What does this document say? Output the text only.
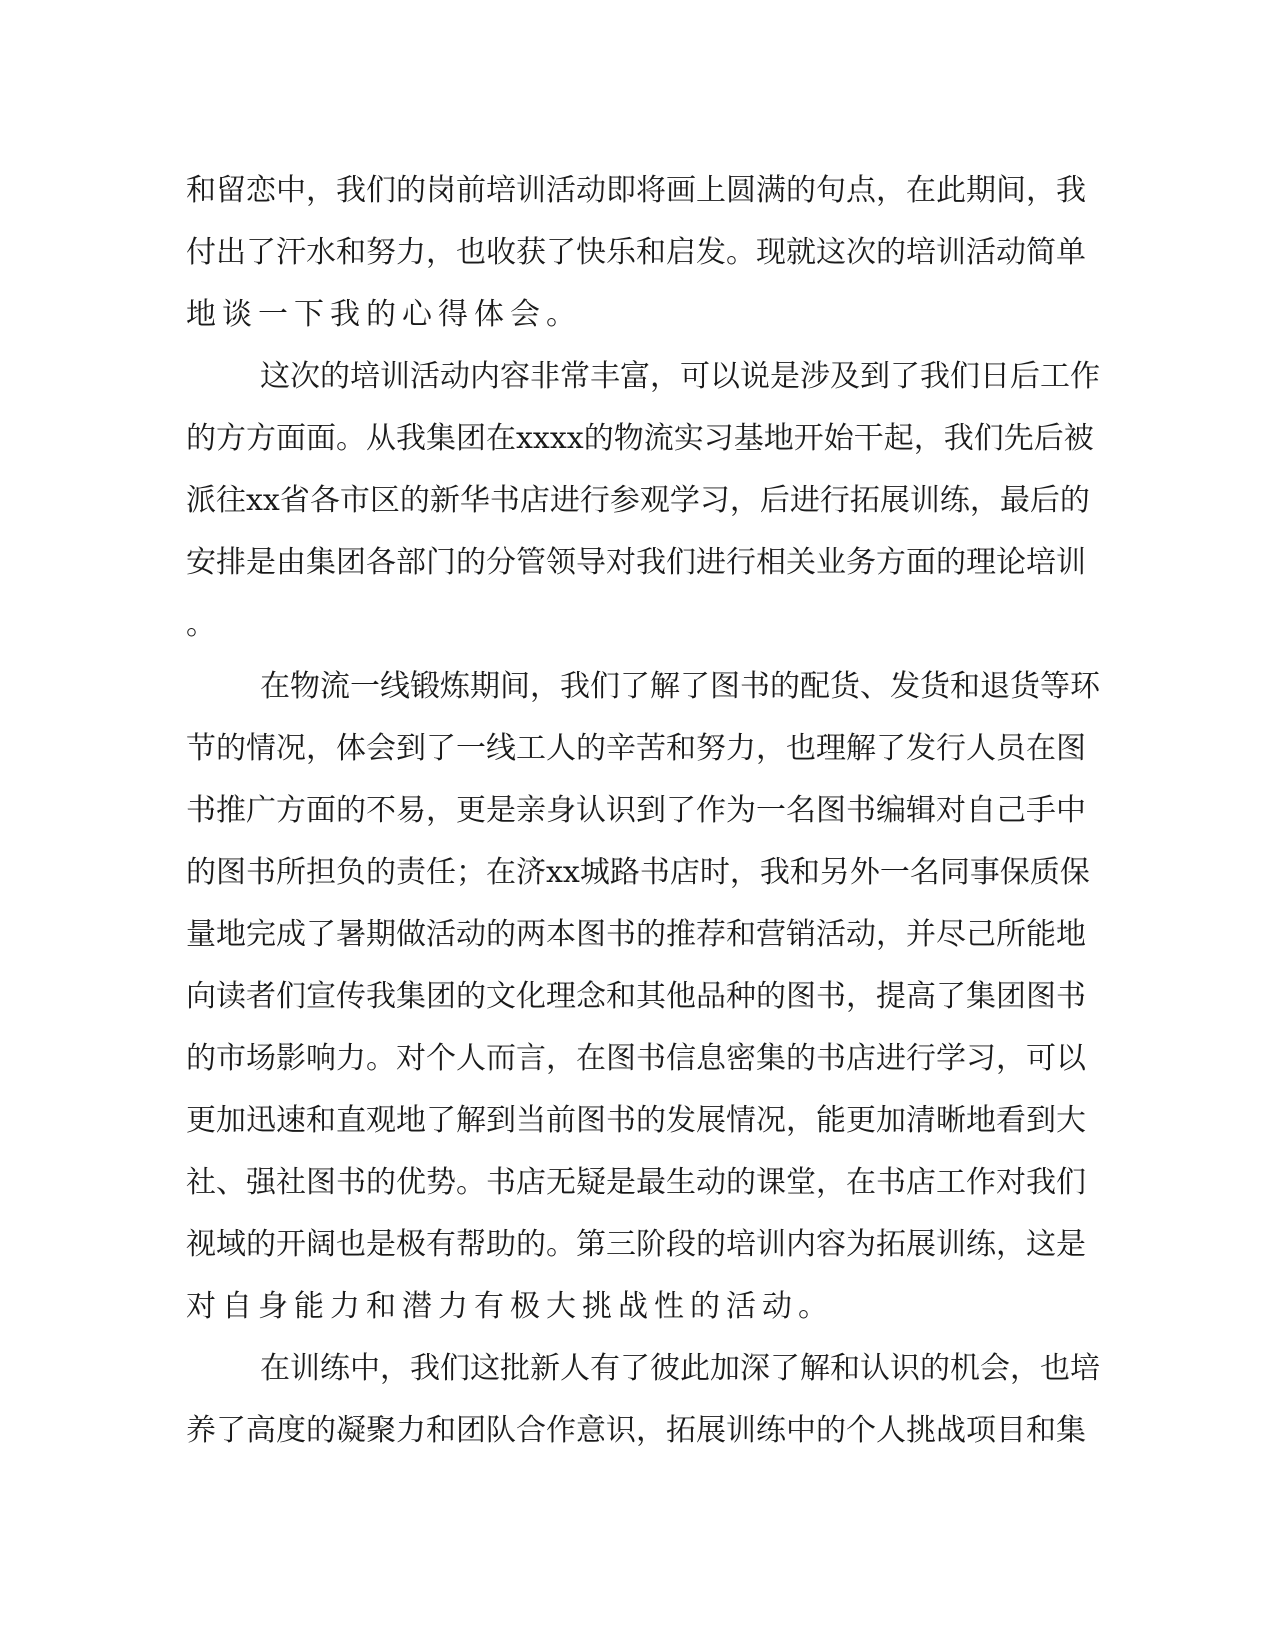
和 留 恋 中 ， 我 们 的 岗 前 培 训 活 动 即 将 画 上 圆 满 的 句 点 ， 在 此 期 间 ， 我
付 出 了 汗 水 和 努 力 ， 也 收 获 了 快 乐 和 启 发 。 现 就 这 次 的 培 训 活 动 简 单
地 谈 一 下 我 的 心 得 体 会 。
这 次 的 培 训 活 动 内 容 非 常 丰 富 ， 可 以 说 是 涉 及 到 了 我 们 日 后 工 作
的 方 方 面 面 。 从 我 集 团 在 xxxx 的 物 流 实 习 基 地 开 始 干 起 ， 我 们 先 后 被
派 往 xx 省 各 市 区 的 新 华 书 店 进 行 参 观 学 习 ， 后 进 行 拓 展 训 练 ， 最 后 的
安 排 是 由 集 团 各 部 门 的 分 管 领 导 对 我 们 进 行 相 关 业 务 方 面 的 理 论 培 训
。
在 物 流 一 线 锻 炼 期 间 ， 我 们 了 解 了 图 书 的 配 货 、 发 货 和 退 货 等 环
节 的 情 况 ， 体 会 到 了 一 线 工 人 的 辛 苦 和 努 力 ， 也 理 解 了 发 行 人 员 在 图
书 推 广 方 面 的 不 易 ， 更 是 亲 身 认 识 到 了 作 为 一 名 图 书 编 辑 对 自 己 手 中
的 图 书 所 担 负 的 责 任 ； 在 济 xx 城 路 书 店 时 ， 我 和 另 外 一 名 同 事 保 质 保
量 地 完 成 了 暑 期 做 活 动 的 两 本 图 书 的 推 荐 和 营 销 活 动 ， 并 尽 己 所 能 地
向 读 者 们 宣 传 我 集 团 的 文 化 理 念 和 其 他 品 种 的 图 书 ， 提 高 了 集 团 图 书
的 市 场 影 响 力 。 对 个 人 而 言 ， 在 图 书 信 息 密 集 的 书 店 进 行 学 习 ， 可 以
更 加 迅 速 和 直 观 地 了 解 到 当 前 图 书 的 发 展 情 况 ， 能 更 加 清 晰 地 看 到 大
社 、 强 社 图 书 的 优 势 。 书 店 无 疑 是 最 生 动 的 课 堂 ， 在 书 店 工 作 对 我 们
视 域 的 开 阔 也 是 极 有 帮 助 的 。 第 三 阶 段 的 培 训 内 容 为 拓 展 训 练 ， 这 是
对 自 身 能 力 和 潜 力 有 极 大 挑 战 性 的 活 动 。
在 训 练 中 ， 我 们 这 批 新 人 有 了 彼 此 加 深 了 解 和 认 识 的 机 会 ， 也 培
养 了 高 度 的 凝 聚 力 和 团 队 合 作 意 识 ， 拓 展 训 练 中 的 个 人 挑 战 项 目 和 集
